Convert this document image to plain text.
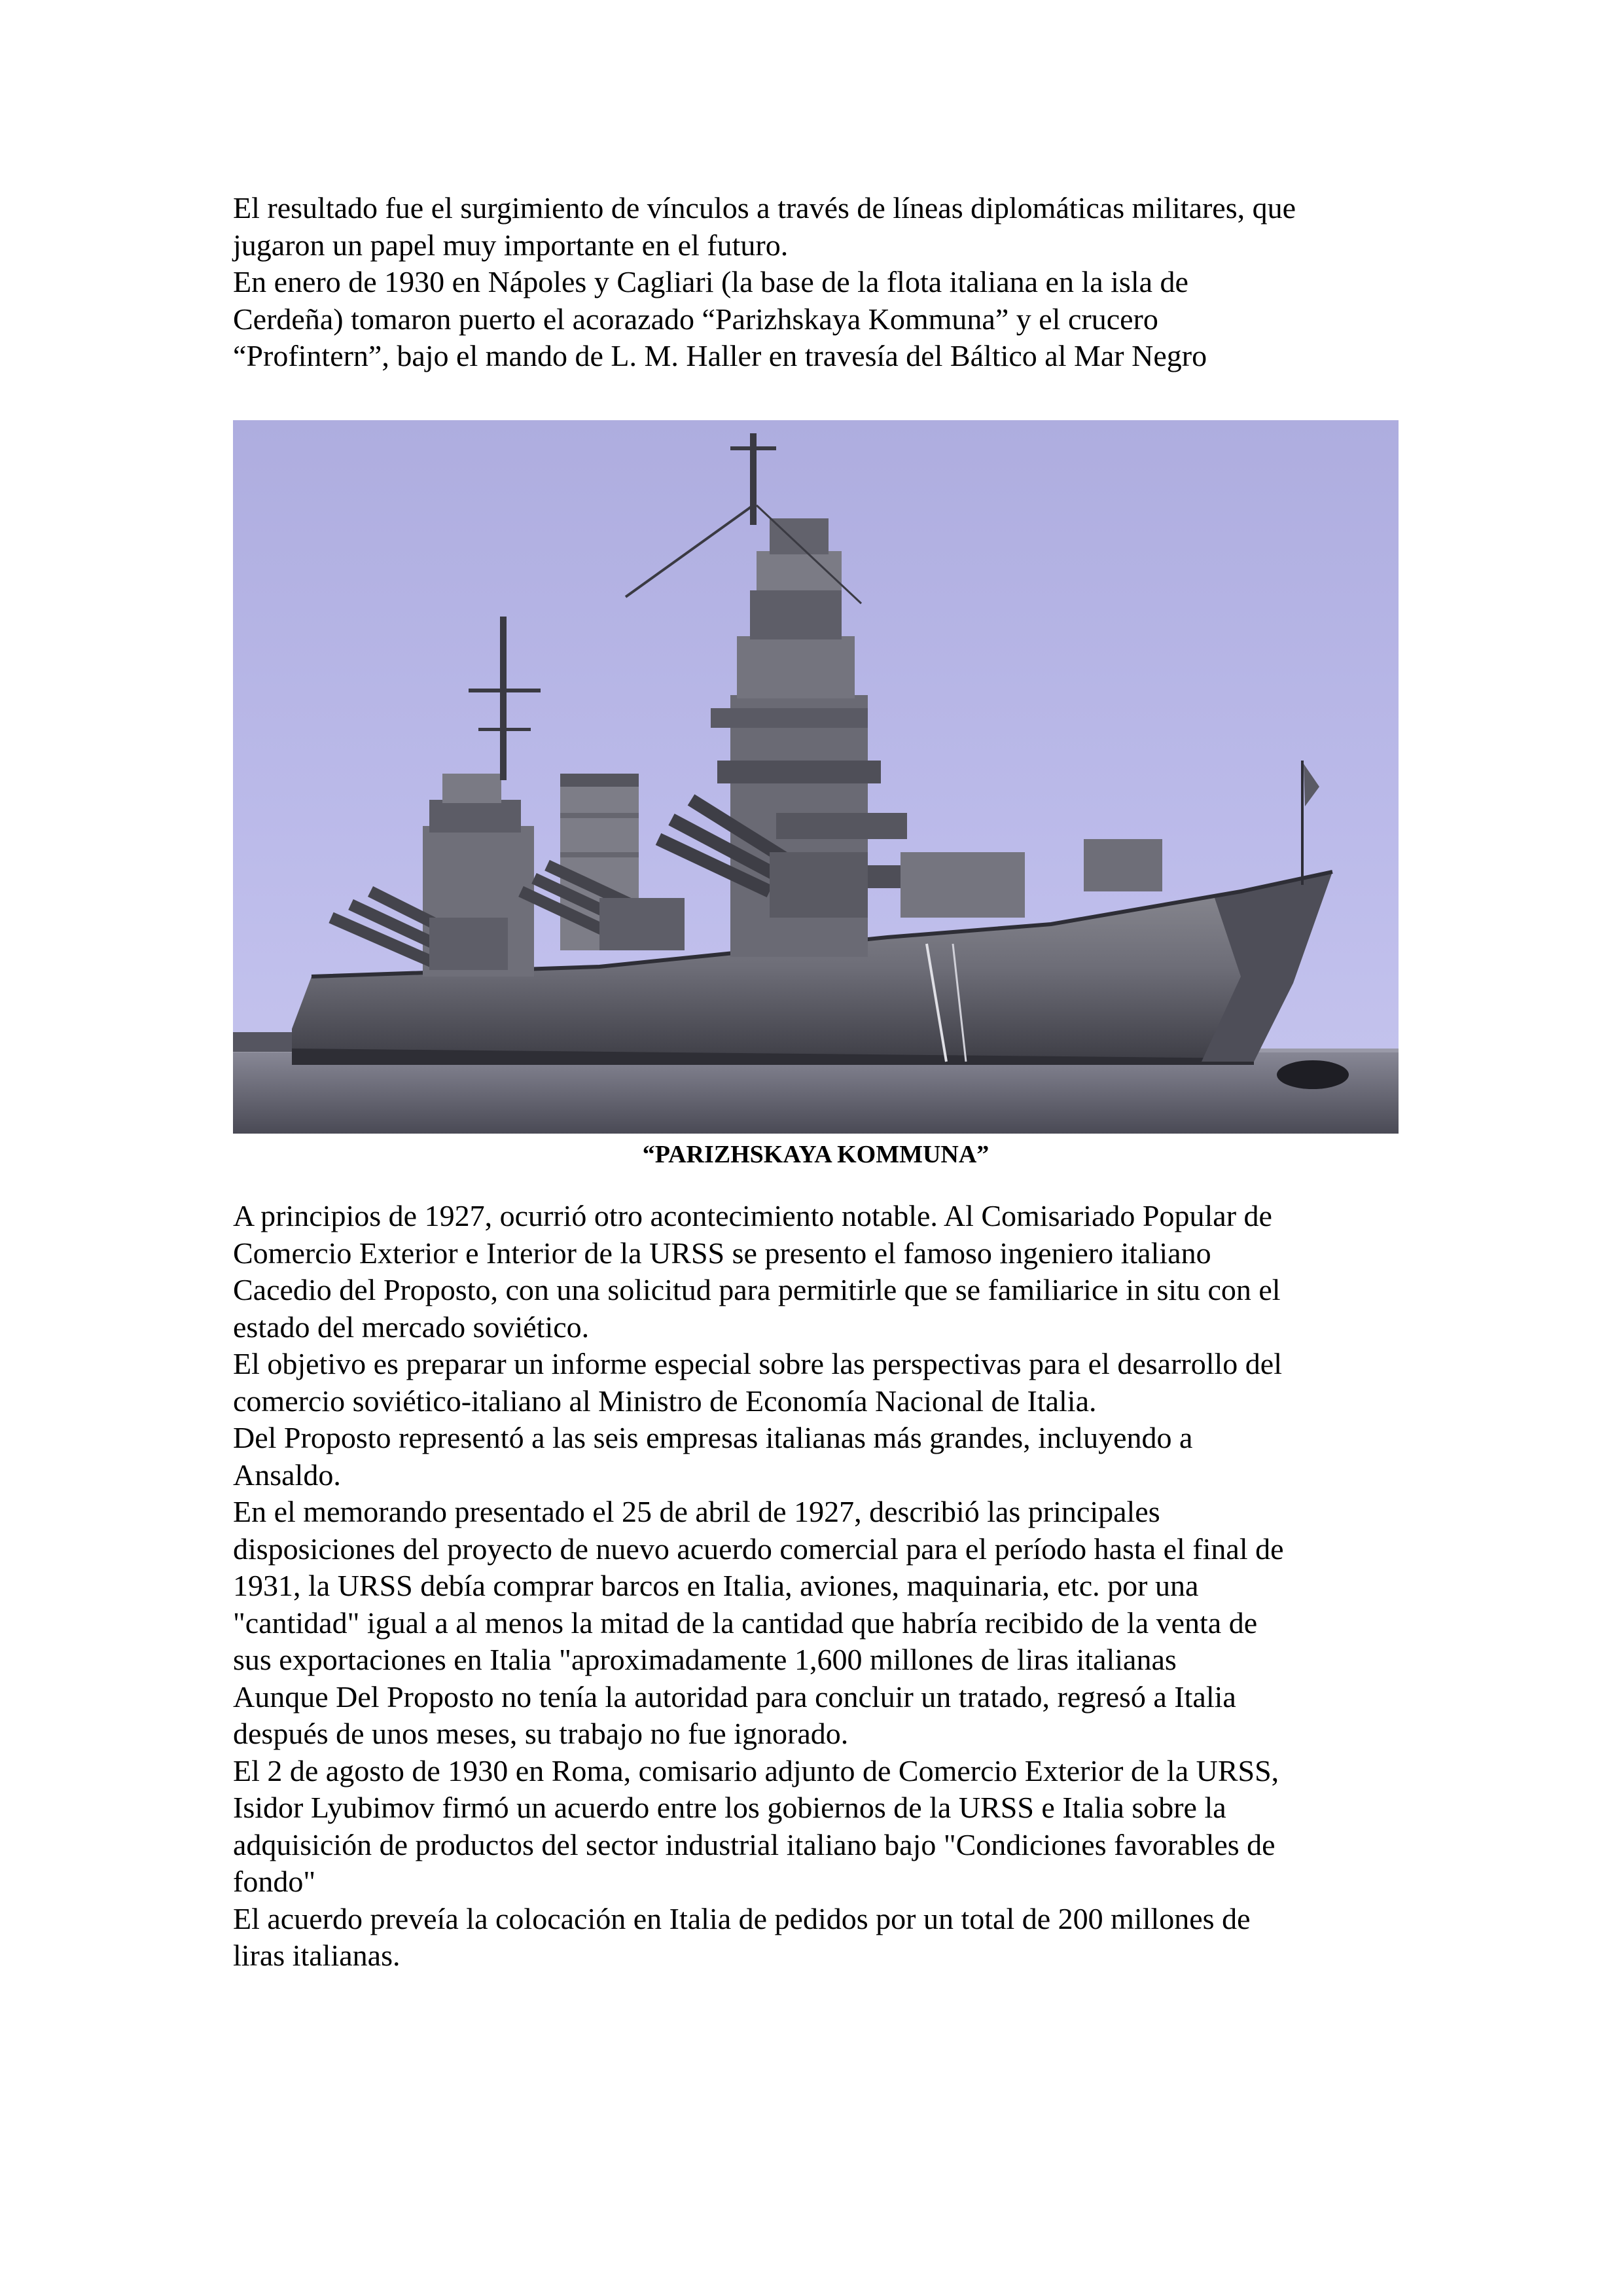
El resultado fue el surgimiento de vínculos a través de líneas diplomáticas militares, que
jugaron un papel muy importante en el futuro.
En enero de 1930 en Nápoles y Cagliari (la base de la flota italiana en la isla de
Cerdeña) tomaron puerto el acorazado “Parizhskaya Kommuna” y el crucero
“Profintern”, bajo el mando de L. M. Haller en travesía del Báltico al Mar Negro

“PARIZHSKAYA KOMMUNA”

A principios de 1927, ocurrió otro acontecimiento notable. Al Comisariado Popular de
Comercio Exterior e Interior de la URSS se presento el famoso ingeniero italiano
Cacedio del Proposto, con una solicitud para permitirle que se familiarice in situ con el
estado del mercado soviético.
El objetivo es preparar un informe especial sobre las perspectivas para el desarrollo del
comercio soviético-italiano al Ministro de Economía Nacional de Italia.
Del Proposto representó a las seis empresas italianas más grandes, incluyendo a
Ansaldo.
En el memorando presentado el 25 de abril de 1927, describió las principales
disposiciones del proyecto de nuevo acuerdo comercial para el período hasta el final de
1931, la URSS debía comprar barcos en Italia, aviones, maquinaria, etc. por una
"cantidad" igual a al menos la mitad de la cantidad que habría recibido de la venta de
sus exportaciones en Italia "aproximadamente 1,600 millones de liras italianas
Aunque Del Proposto no tenía la autoridad para concluir un tratado, regresó a Italia
después de unos meses, su trabajo no fue ignorado.
El 2 de agosto de 1930 en Roma, comisario adjunto de Comercio Exterior de la URSS,
Isidor Lyubimov firmó un acuerdo entre los gobiernos de la URSS e Italia sobre la
adquisición de productos del sector industrial italiano bajo "Condiciones favorables de
fondo"
El acuerdo preveía la colocación en Italia de pedidos por un total de 200 millones de
liras italianas.
